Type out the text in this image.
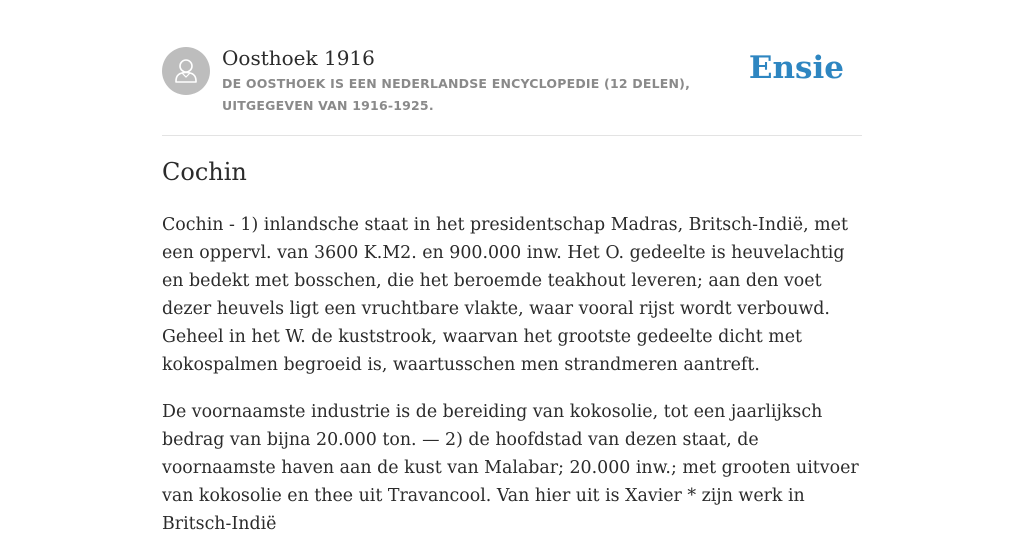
Oosthoek 1916
DE OOSTHOEK IS EEN NEDERLANDSE ENCYCLOPEDIE (12 DELEN), UITGEGEVEN VAN 1916-1925.
Ensie
Cochin

Cochin - 1) inlandsche staat in het presidentschap Madras, Britsch-Indië, met een oppervl. van 3600 K.M2. en 900.000 inw. Het O. gedeelte is heuvelachtig en bedekt met bosschen, die het beroemde teakhout leveren; aan den voet dezer heuvels ligt een vruchtbare vlakte, waar vooral rijst wordt verbouwd. Geheel in het W. de kuststrook, waarvan het grootste gedeelte dicht met kokospalmen begroeid is, waartusschen men strandmeren aantreft.

De voornaamste industrie is de bereiding van kokosolie, tot een jaarlijksch bedrag van bijna 20.000 ton. — 2) de hoofdstad van dezen staat, de voornaamste haven aan de kust van Malabar; 20.000 inw.; met grooten uitvoer van kokosolie en thee uit Travancool. Van hier uit is Xavier * zijn werk in Britsch-Indië
